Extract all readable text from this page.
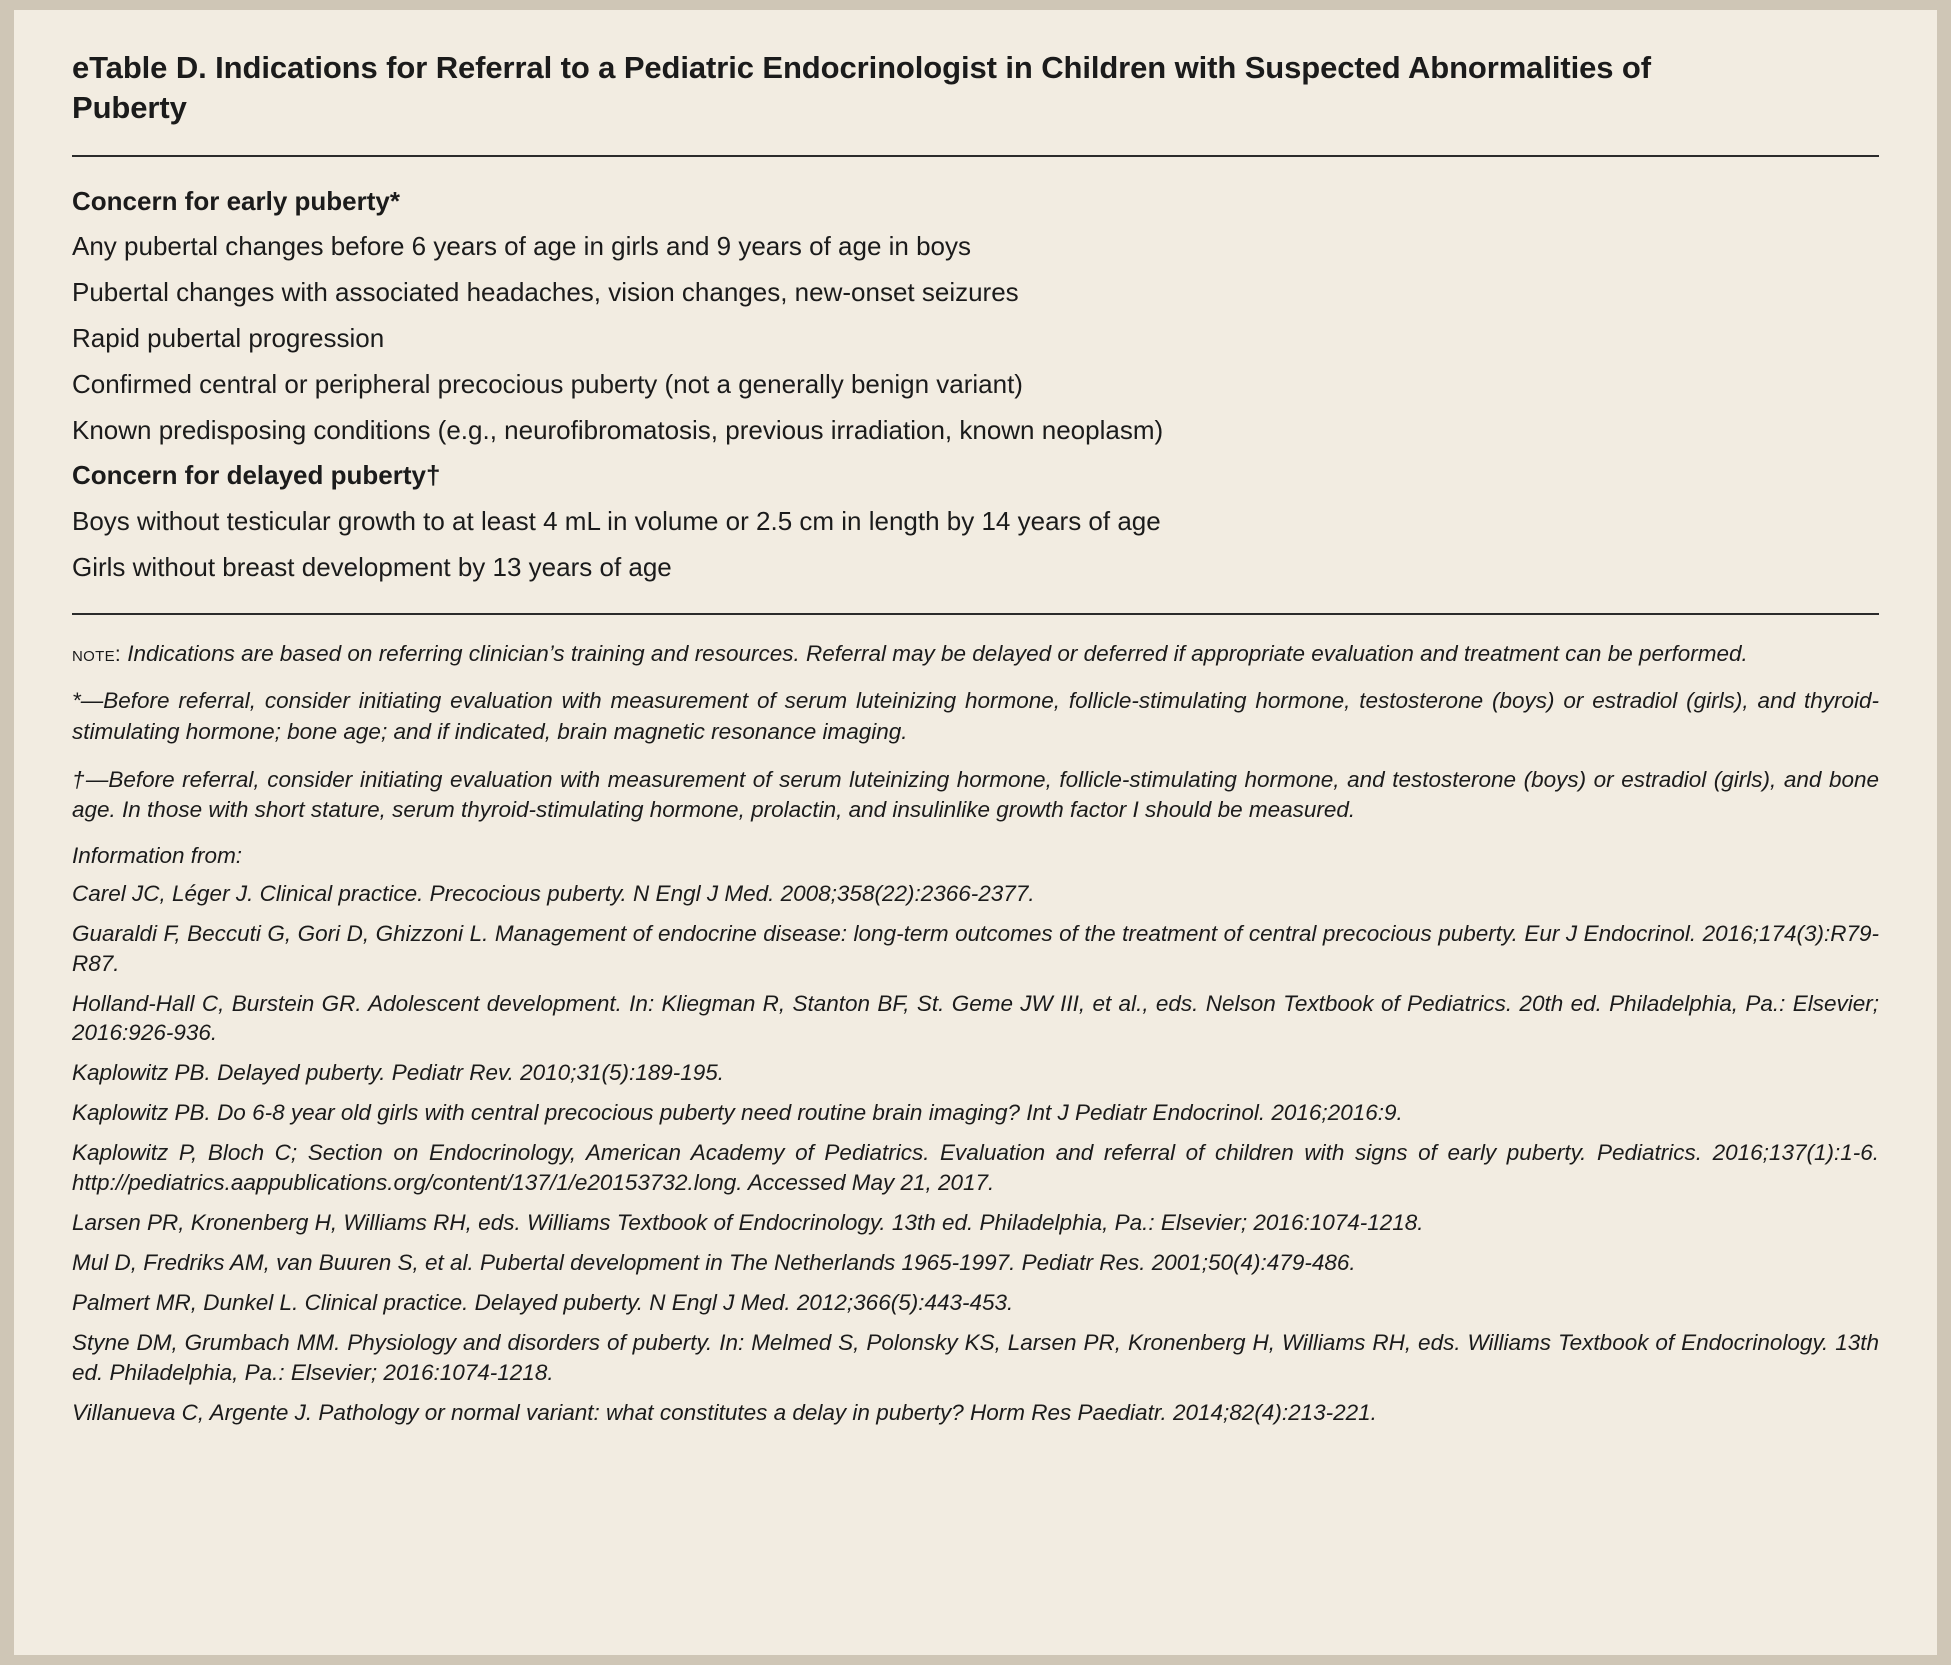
eTable D. Indications for Referral to a Pediatric Endocrinologist in Children with Suspected Abnormalities of Puberty
Concern for early puberty*
Any pubertal changes before 6 years of age in girls and 9 years of age in boys
Pubertal changes with associated headaches, vision changes, new-onset seizures
Rapid pubertal progression
Confirmed central or peripheral precocious puberty (not a generally benign variant)
Known predisposing conditions (e.g., neurofibromatosis, previous irradiation, known neoplasm)
Concern for delayed puberty†
Boys without testicular growth to at least 4 mL in volume or 2.5 cm in length by 14 years of age
Girls without breast development by 13 years of age
note: Indications are based on referring clinician’s training and resources. Referral may be delayed or deferred if appropriate evaluation and treatment can be performed.
*—Before referral, consider initiating evaluation with measurement of serum luteinizing hormone, follicle-stimulating hormone, testosterone (boys) or estradiol (girls), and thyroid-stimulating hormone; bone age; and if indicated, brain magnetic resonance imaging.
†—Before referral, consider initiating evaluation with measurement of serum luteinizing hormone, follicle-stimulating hormone, and testosterone (boys) or estradiol (girls), and bone age. In those with short stature, serum thyroid-stimulating hormone, prolactin, and insulinlike growth factor I should be measured.
Information from:
Carel JC, Léger J. Clinical practice. Precocious puberty. N Engl J Med. 2008;358(22):2366-2377.
Guaraldi F, Beccuti G, Gori D, Ghizzoni L. Management of endocrine disease: long-term outcomes of the treatment of central precocious puberty. Eur J Endocrinol. 2016;174(3):R79-R87.
Holland-Hall C, Burstein GR. Adolescent development. In: Kliegman R, Stanton BF, St. Geme JW III, et al., eds. Nelson Textbook of Pediatrics. 20th ed. Philadelphia, Pa.: Elsevier; 2016:926-936.
Kaplowitz PB. Delayed puberty. Pediatr Rev. 2010;31(5):189-195.
Kaplowitz PB. Do 6-8 year old girls with central precocious puberty need routine brain imaging? Int J Pediatr Endocrinol. 2016;2016:9.
Kaplowitz P, Bloch C; Section on Endocrinology, American Academy of Pediatrics. Evaluation and referral of children with signs of early puberty. Pediatrics. 2016;137(1):1-6. http://pediatrics.aappublications.org/content/137/1/e20153732.long. Accessed May 21, 2017.
Larsen PR, Kronenberg H, Williams RH, eds. Williams Textbook of Endocrinology. 13th ed. Philadelphia, Pa.: Elsevier; 2016:1074-1218.
Mul D, Fredriks AM, van Buuren S, et al. Pubertal development in The Netherlands 1965-1997. Pediatr Res. 2001;50(4):479-486.
Palmert MR, Dunkel L. Clinical practice. Delayed puberty. N Engl J Med. 2012;366(5):443-453.
Styne DM, Grumbach MM. Physiology and disorders of puberty. In: Melmed S, Polonsky KS, Larsen PR, Kronenberg H, Williams RH, eds. Williams Textbook of Endocrinology. 13th ed. Philadelphia, Pa.: Elsevier; 2016:1074-1218.
Villanueva C, Argente J. Pathology or normal variant: what constitutes a delay in puberty? Horm Res Paediatr. 2014;82(4):213-221.
